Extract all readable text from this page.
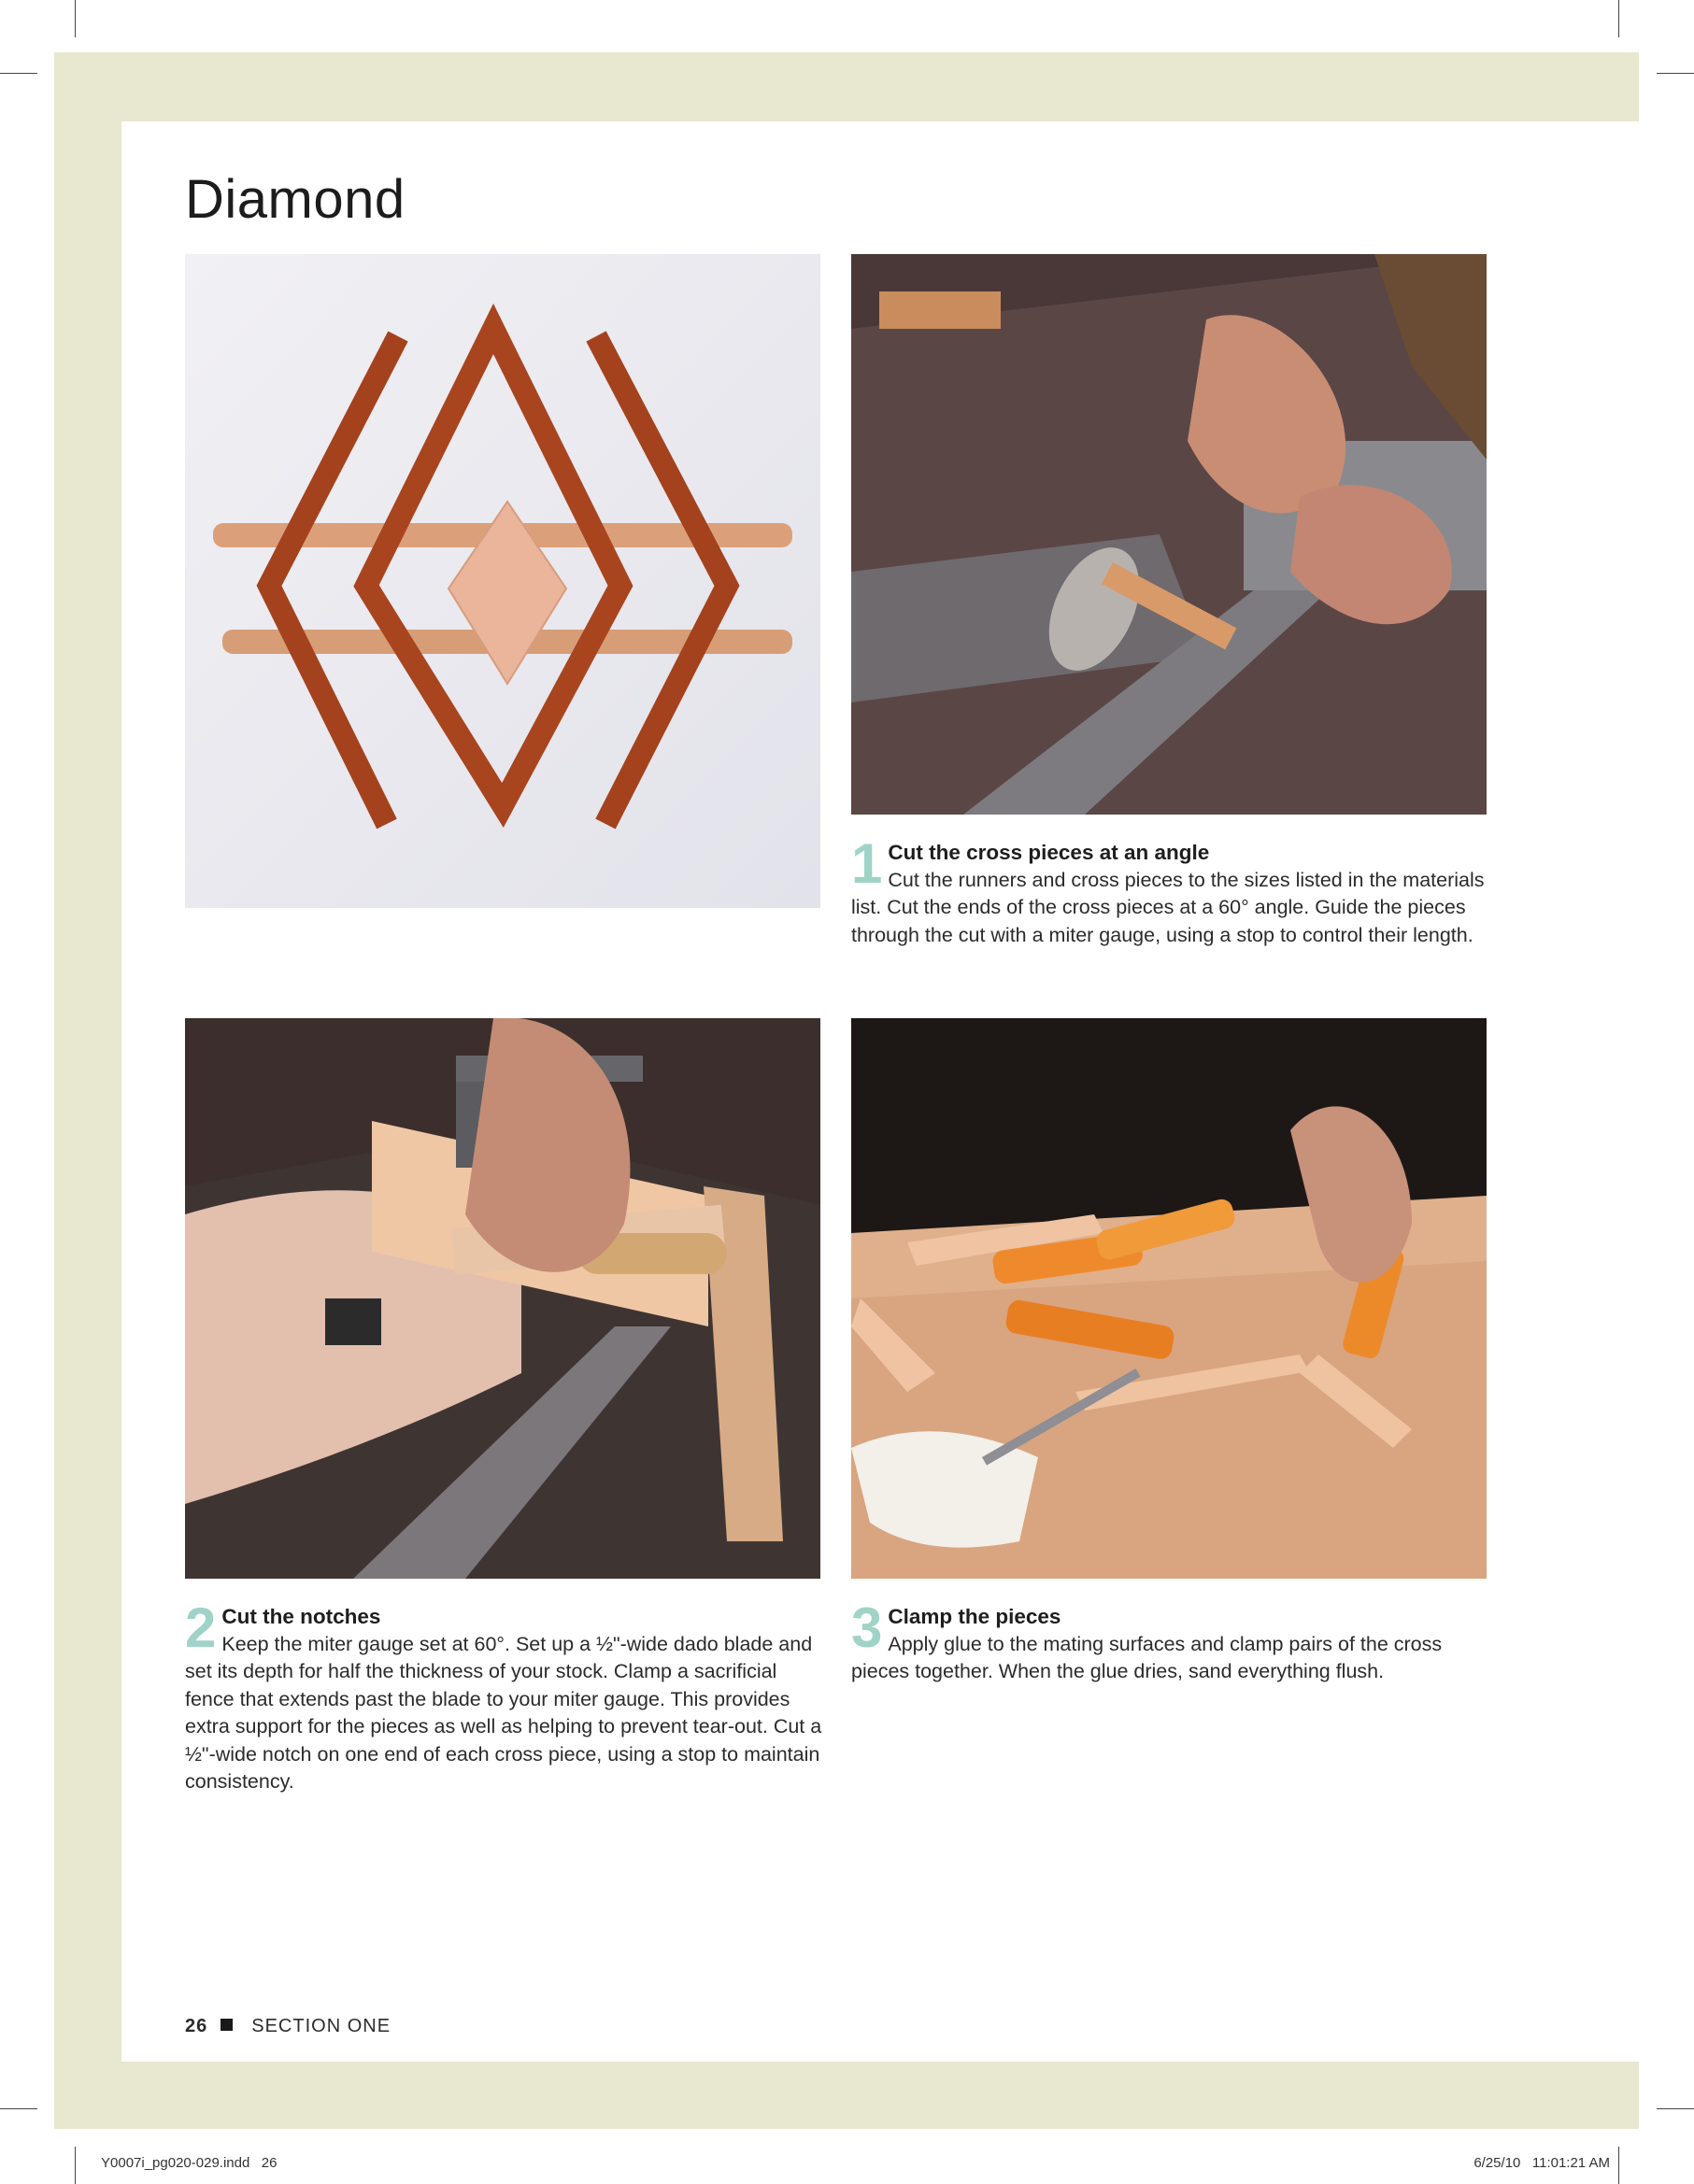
Diamond
1 Cut the cross pieces at an angle
Cut the runners and cross pieces to the sizes listed in the materials list. Cut the ends of the cross pieces at a 60° angle. Guide the pieces through the cut with a miter gauge, using a stop to control their length.
2 Cut the notches
Keep the miter gauge set at 60°. Set up a ½"-wide dado blade and set its depth for half the thickness of your stock. Clamp a sacrificial fence that extends past the blade to your miter gauge. This provides extra support for the pieces as well as helping to prevent tear-out. Cut a ½"-wide notch on one end of each cross piece, using a stop to maintain consistency.
3 Clamp the pieces
Apply glue to the mating surfaces and clamp pairs of the cross pieces together. When the glue dries, sand everything flush.
26 SECTION ONE
Y0007i_pg020-029.indd   26	6/25/10   11:01:21 AM
